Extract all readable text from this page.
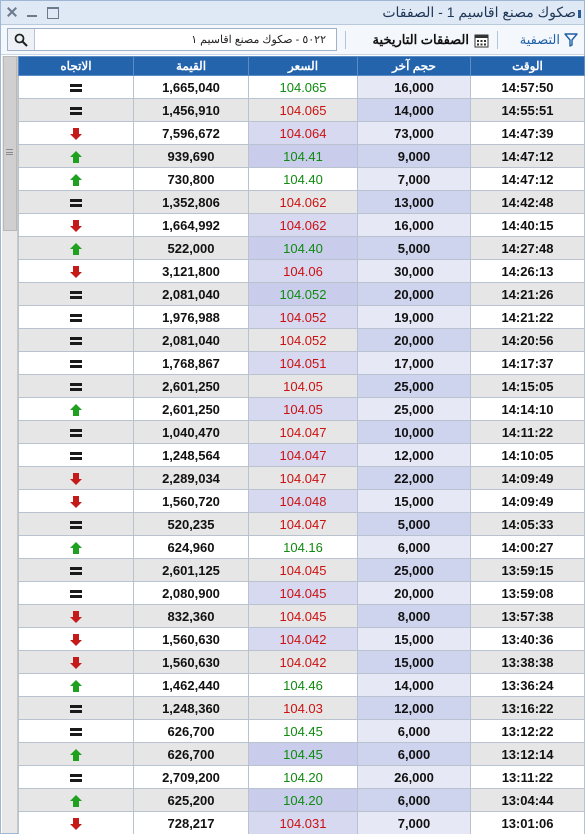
صكوك مصنع اقاسيم 1 - الصفقات
التصفية
الصفقات التاريخية
٥٠٢٢ - صكوك مصنع اقاسيم ١
الوقت	حجم آخر	السعر	القيمة	الاتجاه
14:57:50	16,000	104.065	1,665,040	
14:55:51	14,000	104.065	1,456,910	
14:47:39	73,000	104.064	7,596,672	
14:47:12	9,000	104.41	939,690	
14:47:12	7,000	104.40	730,800	
14:42:48	13,000	104.062	1,352,806	
14:40:15	16,000	104.062	1,664,992	
14:27:48	5,000	104.40	522,000	
14:26:13	30,000	104.06	3,121,800	
14:21:26	20,000	104.052	2,081,040	
14:21:22	19,000	104.052	1,976,988	
14:20:56	20,000	104.052	2,081,040	
14:17:37	17,000	104.051	1,768,867	
14:15:05	25,000	104.05	2,601,250	
14:14:10	25,000	104.05	2,601,250	
14:11:22	10,000	104.047	1,040,470	
14:10:05	12,000	104.047	1,248,564	
14:09:49	22,000	104.047	2,289,034	
14:09:49	15,000	104.048	1,560,720	
14:05:33	5,000	104.047	520,235	
14:00:27	6,000	104.16	624,960	
13:59:15	25,000	104.045	2,601,125	
13:59:08	20,000	104.045	2,080,900	
13:57:38	8,000	104.045	832,360	
13:40:36	15,000	104.042	1,560,630	
13:38:38	15,000	104.042	1,560,630	
13:36:24	14,000	104.46	1,462,440	
13:16:22	12,000	104.03	1,248,360	
13:12:22	6,000	104.45	626,700	
13:12:14	6,000	104.45	626,700	
13:11:22	26,000	104.20	2,709,200	
13:04:44	6,000	104.20	625,200	
13:01:06	7,000	104.031	728,217	
